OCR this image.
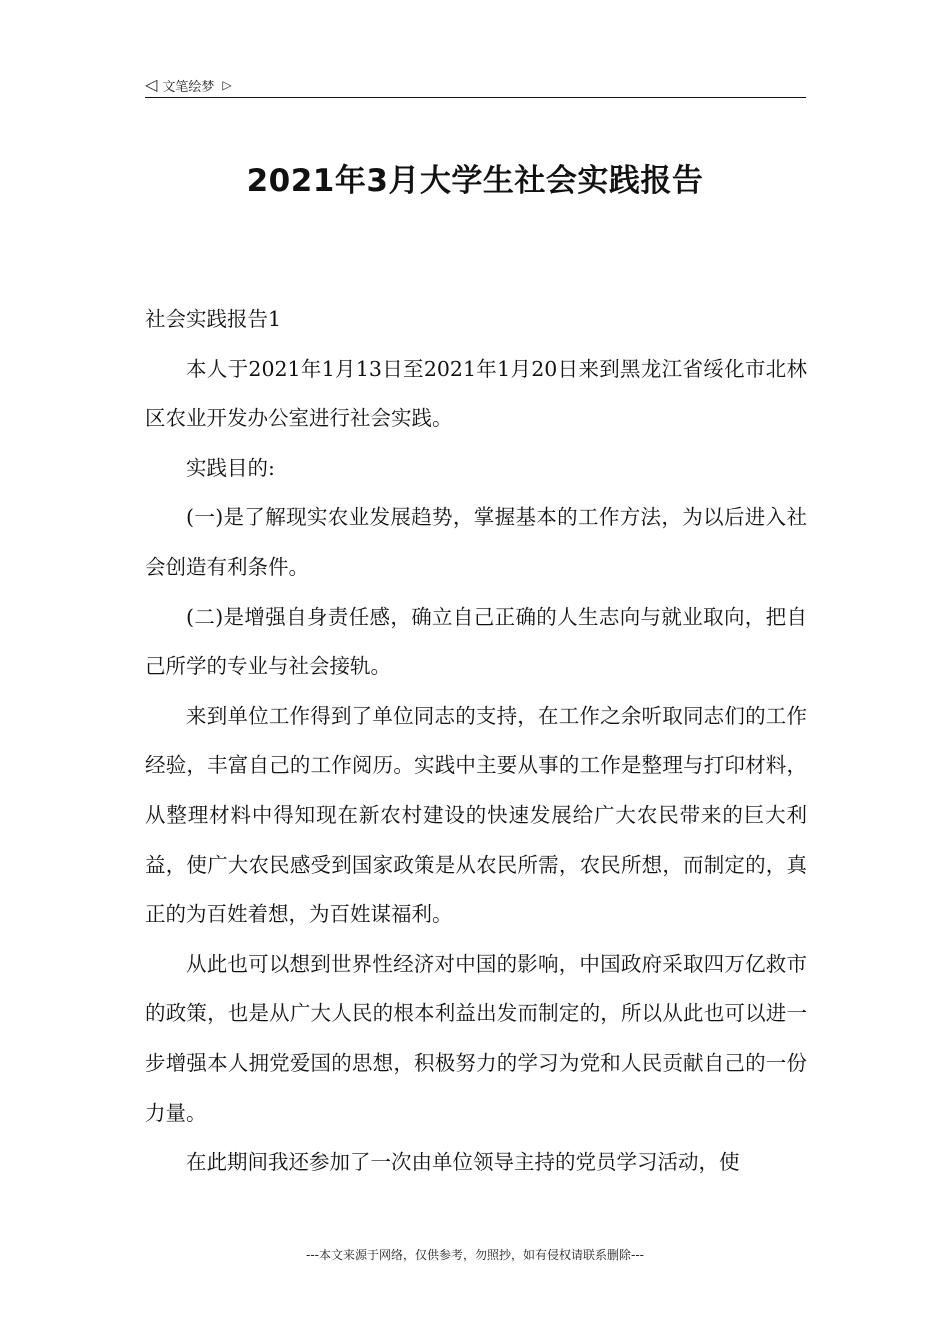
◁ 文笔绘梦 ▷
2021年3月大学生社会实践报告

社会实践报告1

本人于2021年1月13日至2021年1月20日来到黑龙江省绥化市北林区农业开发办公室进行社会实践。

实践目的:

(一)是了解现实农业发展趋势，掌握基本的工作方法，为以后进入社会创造有利条件。

(二)是增强自身责任感，确立自己正确的人生志向与就业取向，把自己所学的专业与社会接轨。

来到单位工作得到了单位同志的支持，在工作之余听取同志们的工作经验，丰富自己的工作阅历。实践中主要从事的工作是整理与打印材料，从整理材料中得知现在新农村建设的快速发展给广大农民带来的巨大利益，使广大农民感受到国家政策是从农民所需，农民所想，而制定的，真正的为百姓着想，为百姓谋福利。

从此也可以想到世界性经济对中国的影响，中国政府采取四万亿救市的政策，也是从广大人民的根本利益出发而制定的，所以从此也可以进一步增强本人拥党爱国的思想，积极努力的学习为党和人民贡献自己的一份力量。

在此期间我还参加了一次由单位领导主持的党员学习活动，使

---本文来源于网络，仅供参考，勿照抄，如有侵权请联系删除---
